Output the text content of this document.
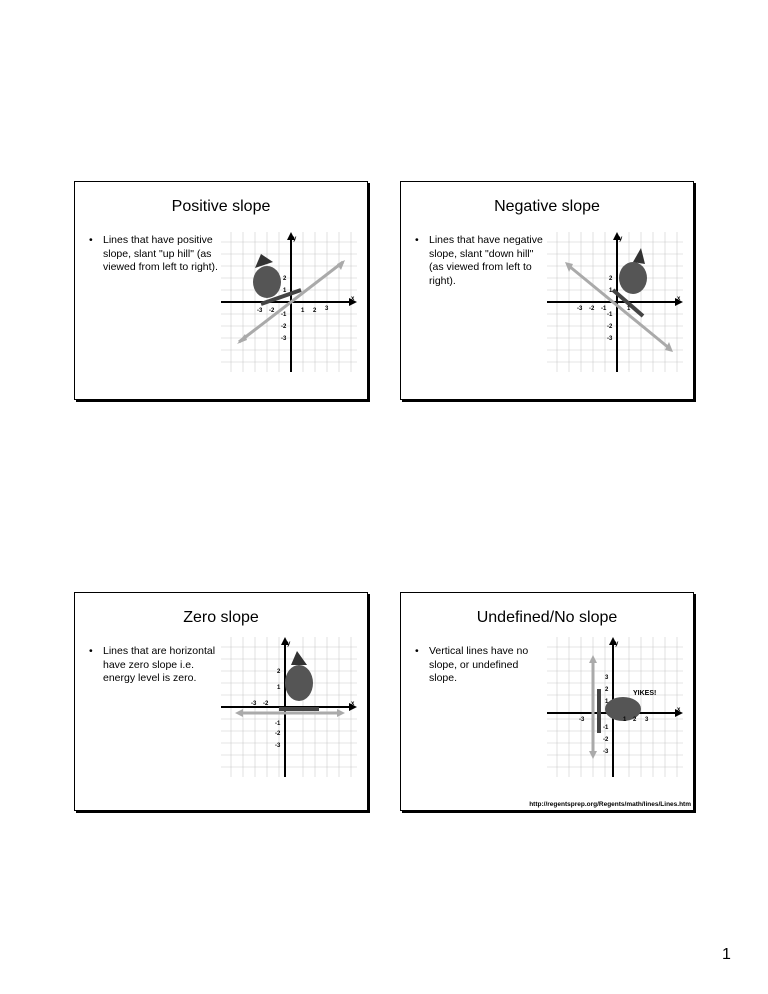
Positive slope
• Lines that have positive slope, slant "up hill" (as viewed from left to right).
-3 -2	1 2 3
2
1
-1
-2
-3
x
y
Negative slope
• Lines that have negative slope, slant "down hill" (as viewed from left to right).
-3 -2 -1	1
2
1
-1
-2
-3
x
y
Zero slope
• Lines that are horizontal have zero slope i.e. energy level is zero.
-3 -2
2
1
-1
-2
-3
x
y
Undefined/No slope
• Vertical lines have no slope, or undefined slope.
YIKES!
-3	1 2 3
3
2
1
-1
-2
-3
x
y
http://regentsprep.org/Regents/math/lines/Lines.htm
1
